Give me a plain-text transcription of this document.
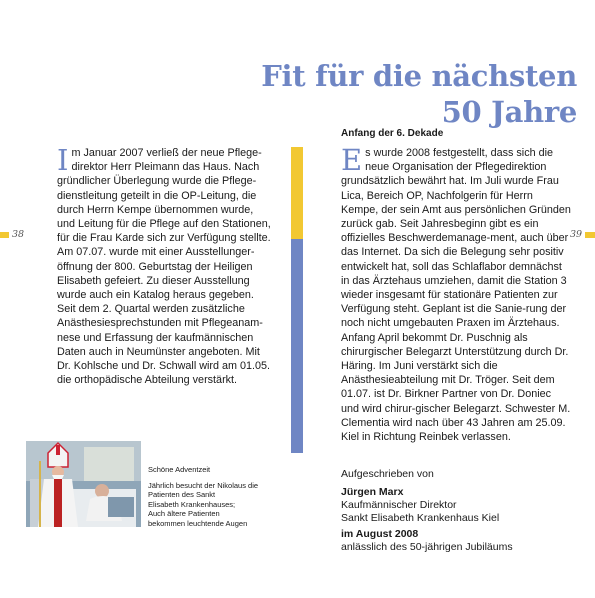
Fit für die nächsten
50 Jahre
38	39

I m Januar 2007 verließ der neue Pflege-direktor Herr Pleimann das Haus. Nach gründlicher Überlegung wurde die Pflege-dienstleitung geteilt in die OP-Leitung, die durch Herrn Kempe übernommen wurde, und Leitung für die Pflege auf den Stationen, für die Frau Karde sich zur Verfügung stellte. Am 07.07. wurde mit einer Ausstellunger-öffnung der 800. Geburtstag der Heiligen Elisabeth gefeiert. Zu dieser Ausstellung wurde auch ein Katalog heraus gegeben. Seit dem 2. Quartal werden zusätzliche Anästhesiesprechstunden mit Pflegeanam-nese und Erfassung der kaufmännischen Daten auch in Neumünster angeboten. Mit Dr. Kohlsche und Dr. Schwall wird am 01.05. die orthopädische Abteilung verstärkt.

Schöne Adventzeit

Jährlich besucht der Nikolaus die

Patienten des Sankt

Elisabeth Krankenhauses;

Auch ältere Patienten

bekommen leuchtende Augen

Anfang der 6. Dekade

E s wurde 2008 festgestellt, dass sich die neue Organisation der Pflegedirektion grundsätzlich bewährt hat. Im Juli wurde Frau Lica, Bereich OP, Nachfolgerin für Herrn Kempe, der sein Amt aus persönlichen Gründen zurück gab. Seit Jahresbeginn gibt es ein offizielles Beschwerdemanage-ment, auch über das Internet. Da sich die Belegung sehr positiv entwickelt hat, soll das Schlaflabor demnächst in das Ärztehaus umziehen, damit die Station 3 wieder insgesamt für stationäre Patienten zur Verfügung steht. Geplant ist die Sanie-rung der noch nicht umgebauten Praxen im Ärztehaus. Anfang April bekommt Dr. Puschnig als chirurgischer Belegarzt Unterstützung durch Dr. Häring. Im Juni verstärkt sich die Anästhesieabteilung mit Dr. Tröger. Seit dem 01.07. ist Dr. Birkner Partner von Dr. Doniec und wird chirur-gischer Belegarzt. Schwester M. Clementia wird nach über 43 Jahren am 25.09. Kiel in Richtung Reinbek verlassen.

Aufgeschrieben von

Jürgen Marx

Kaufmännischer Direktor

Sankt Elisabeth Krankenhaus Kiel

im August 2008

anlässlich des 50-jährigen Jubiläums
